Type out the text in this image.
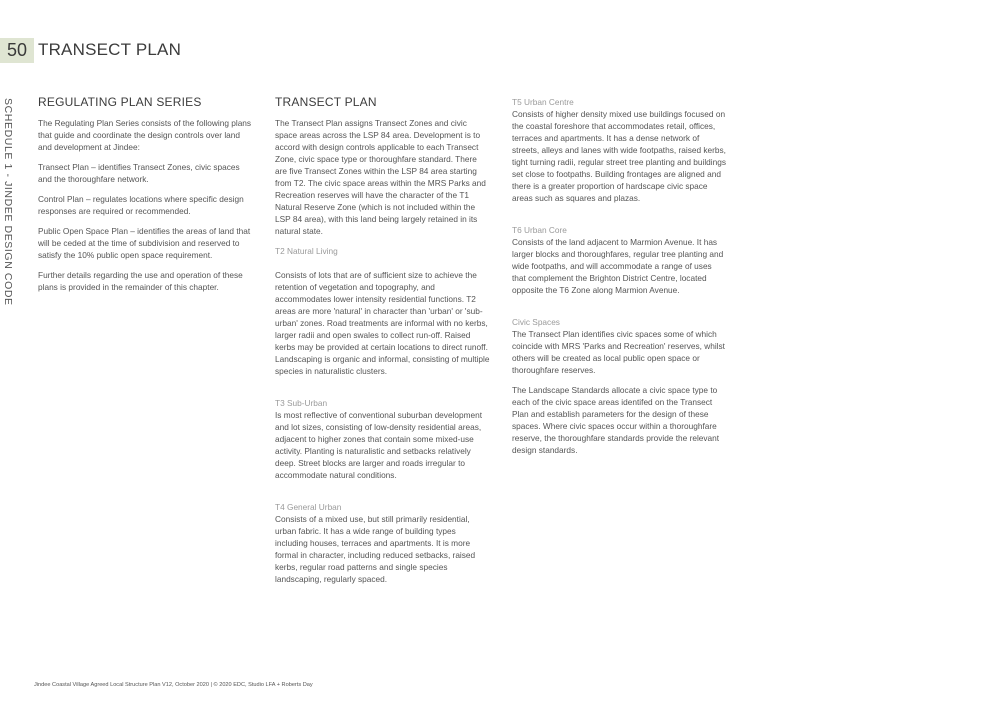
50 TRANSECT PLAN
SCHEDULE 1 - JINDEE DESIGN CODE REGULATING PLAN SERIES

The Regulating Plan Series consists of the following plans that guide and coordinate the design controls over land and development at Jindee:

Transect Plan – identifies Transect Zones, civic spaces and the thoroughfare network.

Control Plan – regulates locations where specific design responses are required or recommended.

Public Open Space Plan – identifies the areas of land that will be ceded at the time of subdivision and reserved to satisfy the 10% public open space requirement.

Further details regarding the use and operation of these plans is provided in the remainder of this chapter.

TRANSECT PLAN

The Transect Plan assigns Transect Zones and civic space areas across the LSP 84 area. Development is to accord with design controls applicable to each Transect Zone, civic space type or thoroughfare standard. There are five Transect Zones within the LSP 84 area starting from T2. The civic space areas within the MRS Parks and Recreation reserves will have the character of the T1 Natural Reserve Zone (which is not included within the LSP 84 area), with this land being largely retained in its natural state.

T2 Natural Living

Consists of lots that are of sufficient size to achieve the retention of vegetation and topography, and accommodates lower intensity residential functions. T2 areas are more 'natural' in character than 'urban' or 'sub-urban' zones. Road treatments are informal with no kerbs, larger radii and open swales to collect run-off. Raised kerbs may be provided at certain locations to direct runoff. Landscaping is organic and informal, consisting of multiple species in naturalistic clusters.

T3 Sub-Urban

Is most reflective of conventional suburban development and lot sizes, consisting of low-density residential areas, adjacent to higher zones that contain some mixed-use activity. Planting is naturalistic and setbacks relatively deep. Street blocks are larger and roads irregular to accommodate natural conditions.

T4 General Urban

Consists of a mixed use, but still primarily residential, urban fabric. It has a wide range of building types including houses, terraces and apartments. It is more formal in character, including reduced setbacks, raised kerbs, regular road patterns and single species landscaping, regularly spaced.

T5 Urban Centre

Consists of higher density mixed use buildings focused on the coastal foreshore that accommodates retail, offices, terraces and apartments. It has a dense network of streets, alleys and lanes with wide footpaths, raised kerbs, tight turning radii, regular street tree planting and buildings set close to footpaths. Building frontages are aligned and there is a greater proportion of hardscape civic space areas such as squares and plazas.

T6 Urban Core

Consists of the land adjacent to Marmion Avenue. It has larger blocks and thoroughfares, regular tree planting and wide footpaths, and will accommodate a range of uses that complement the Brighton District Centre, located opposite the T6 Zone along Marmion Avenue.

Civic Spaces

The Transect Plan identifies civic spaces some of which coincide with MRS 'Parks and Recreation' reserves, whilst others will be created as local public open space or thoroughfare reserves.

The Landscape Standards allocate a civic space type to each of the civic space areas identifed on the Transect Plan and establish parameters for the design of these spaces. Where civic spaces occur within a thoroughfare reserve, the thoroughfare standards provide the relevant design standards.

Jindee Coastal Village Agreed Local Structure Plan V12, October 2020 | © 2020 EDC, Studio LFA + Roberts Day
